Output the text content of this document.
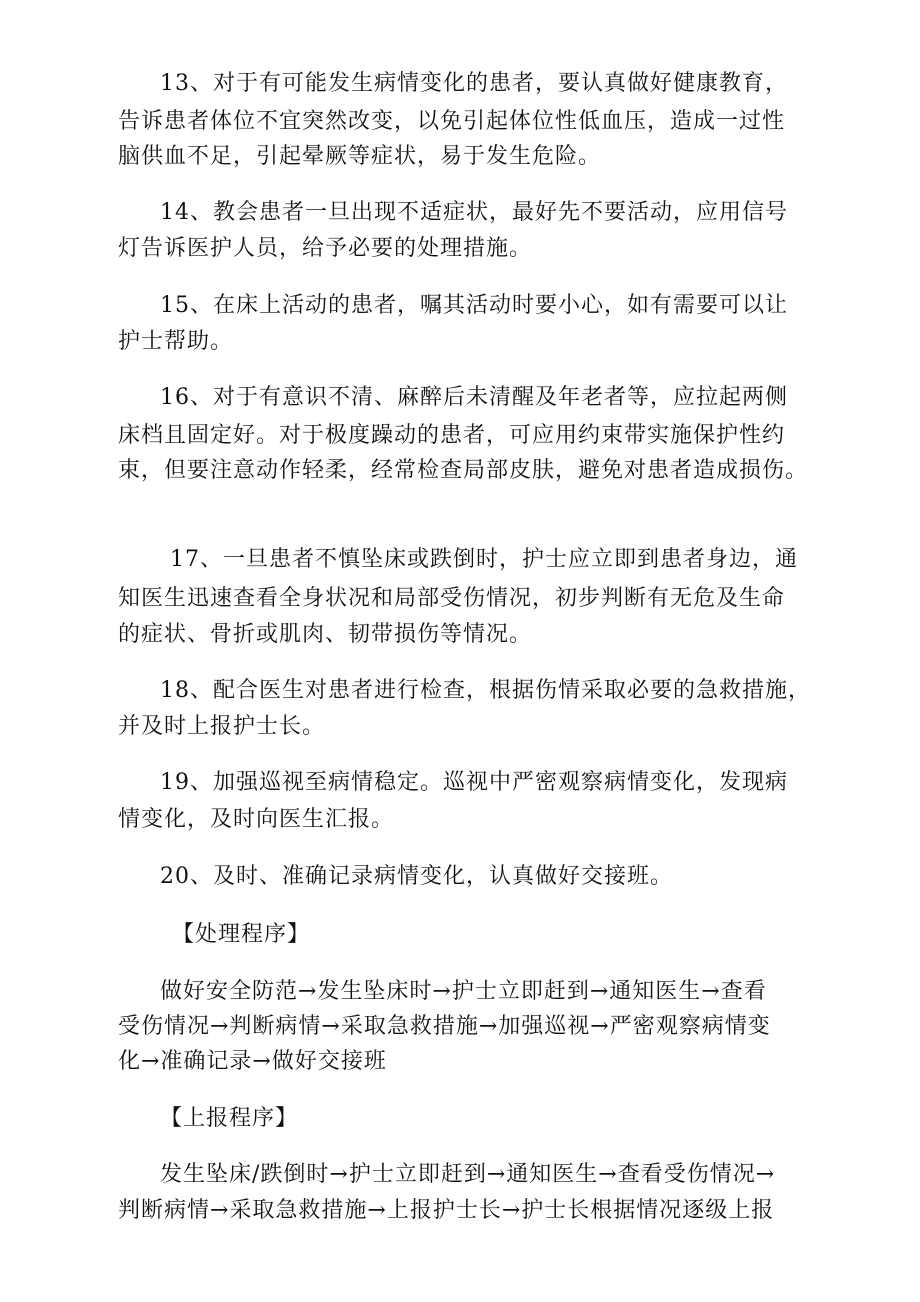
13、对于有可能发生病情变化的患者，要认真做好健康教育，
告诉患者体位不宜突然改变，以免引起体位性低血压，造成一过性
脑供血不足，引起晕厥等症状，易于发生危险。
14、教会患者一旦出现不适症状，最好先不要活动，应用信号
灯告诉医护人员，给予必要的处理措施。
15、在床上活动的患者，嘱其活动时要小心，如有需要可以让
护士帮助。
16、对于有意识不清、麻醉后未清醒及年老者等，应拉起两侧
床档且固定好。对于极度躁动的患者，可应用约束带实施保护性约
束，但要注意动作轻柔，经常检查局部皮肤，避免对患者造成损伤。
17、一旦患者不慎坠床或跌倒时，护士应立即到患者身边，通
知医生迅速查看全身状况和局部受伤情况，初步判断有无危及生命
的症状、骨折或肌肉、韧带损伤等情况。
18、配合医生对患者进行检查，根据伤情采取必要的急救措施，
并及时上报护士长。
19、加强巡视至病情稳定。巡视中严密观察病情变化，发现病
情变化，及时向医生汇报。
20、及时、准确记录病情变化，认真做好交接班。
【处理程序】
做好安全防范→发生坠床时→护士立即赶到→通知医生→查看
受伤情况→判断病情→采取急救措施→加强巡视→严密观察病情变
化→准确记录→做好交接班
【上报程序】
发生坠床/跌倒时→护士立即赶到→通知医生→查看受伤情况→
判断病情→采取急救措施→上报护士长→护士长根据情况逐级上报
